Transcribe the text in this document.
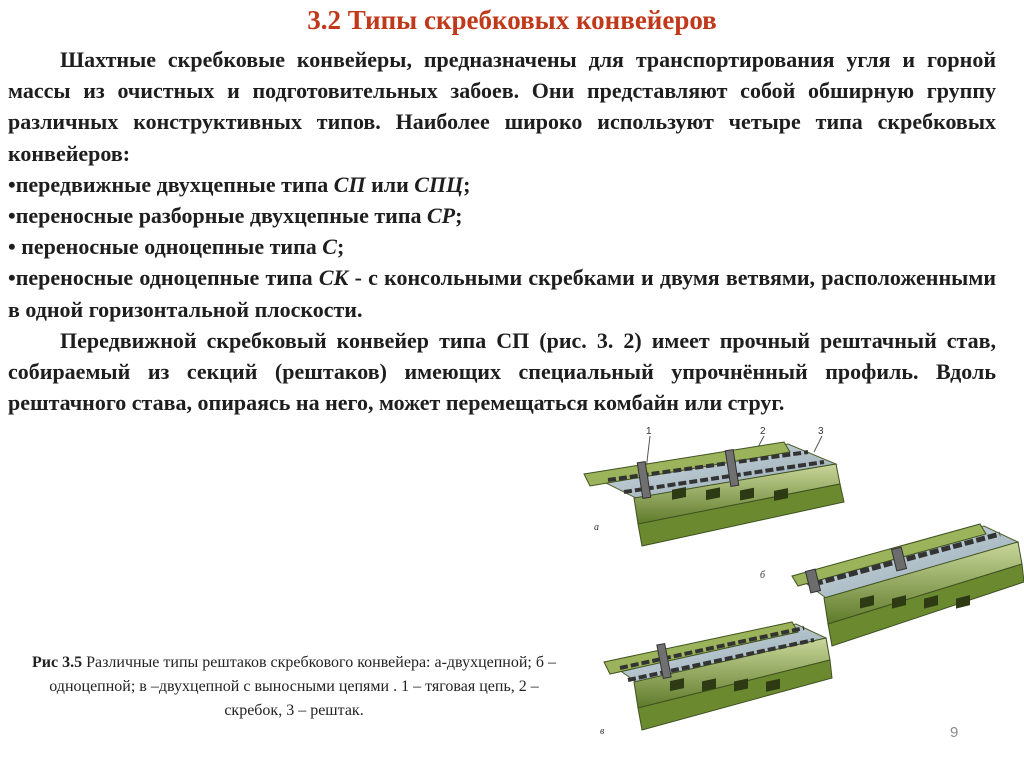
3.2 Типы скребковых конвейеров

Шахтные скребковые конвейеры, предназначены для транспортирования угля и горной массы из очистных и подготовительных забоев. Они представляют собой обширную группу различных конструктивных типов. Наиболее широко используют четыре типа скребковых конвейеров:

•передвижные двухцепные типа СП или СПЦ;

•переносные разборные двухцепные типа СР;

• переносные одноцепные типа С;

•переносные одноцепные типа СК - с консольными скребками и двумя ветвями, расположенными в одной горизонтальной плоскости.

Передвижной скребковый конвейер типа СП (рис. 3. 2) имеет прочный рештачный став, собираемый из секций (рештаков) имеющих специальный упрочнённый профиль. Вдоль рештачного става, опираясь на него, может перемещаться комбайн или струг.

1	2	3
а
б
в
Рис 3.5 Различные типы рештаков скребкового конвейера: а-двухцепной; б – одноцепной; в –двухцепной с выносными цепями . 1 – тяговая цепь, 2 – скребок, 3 – рештак.
9
